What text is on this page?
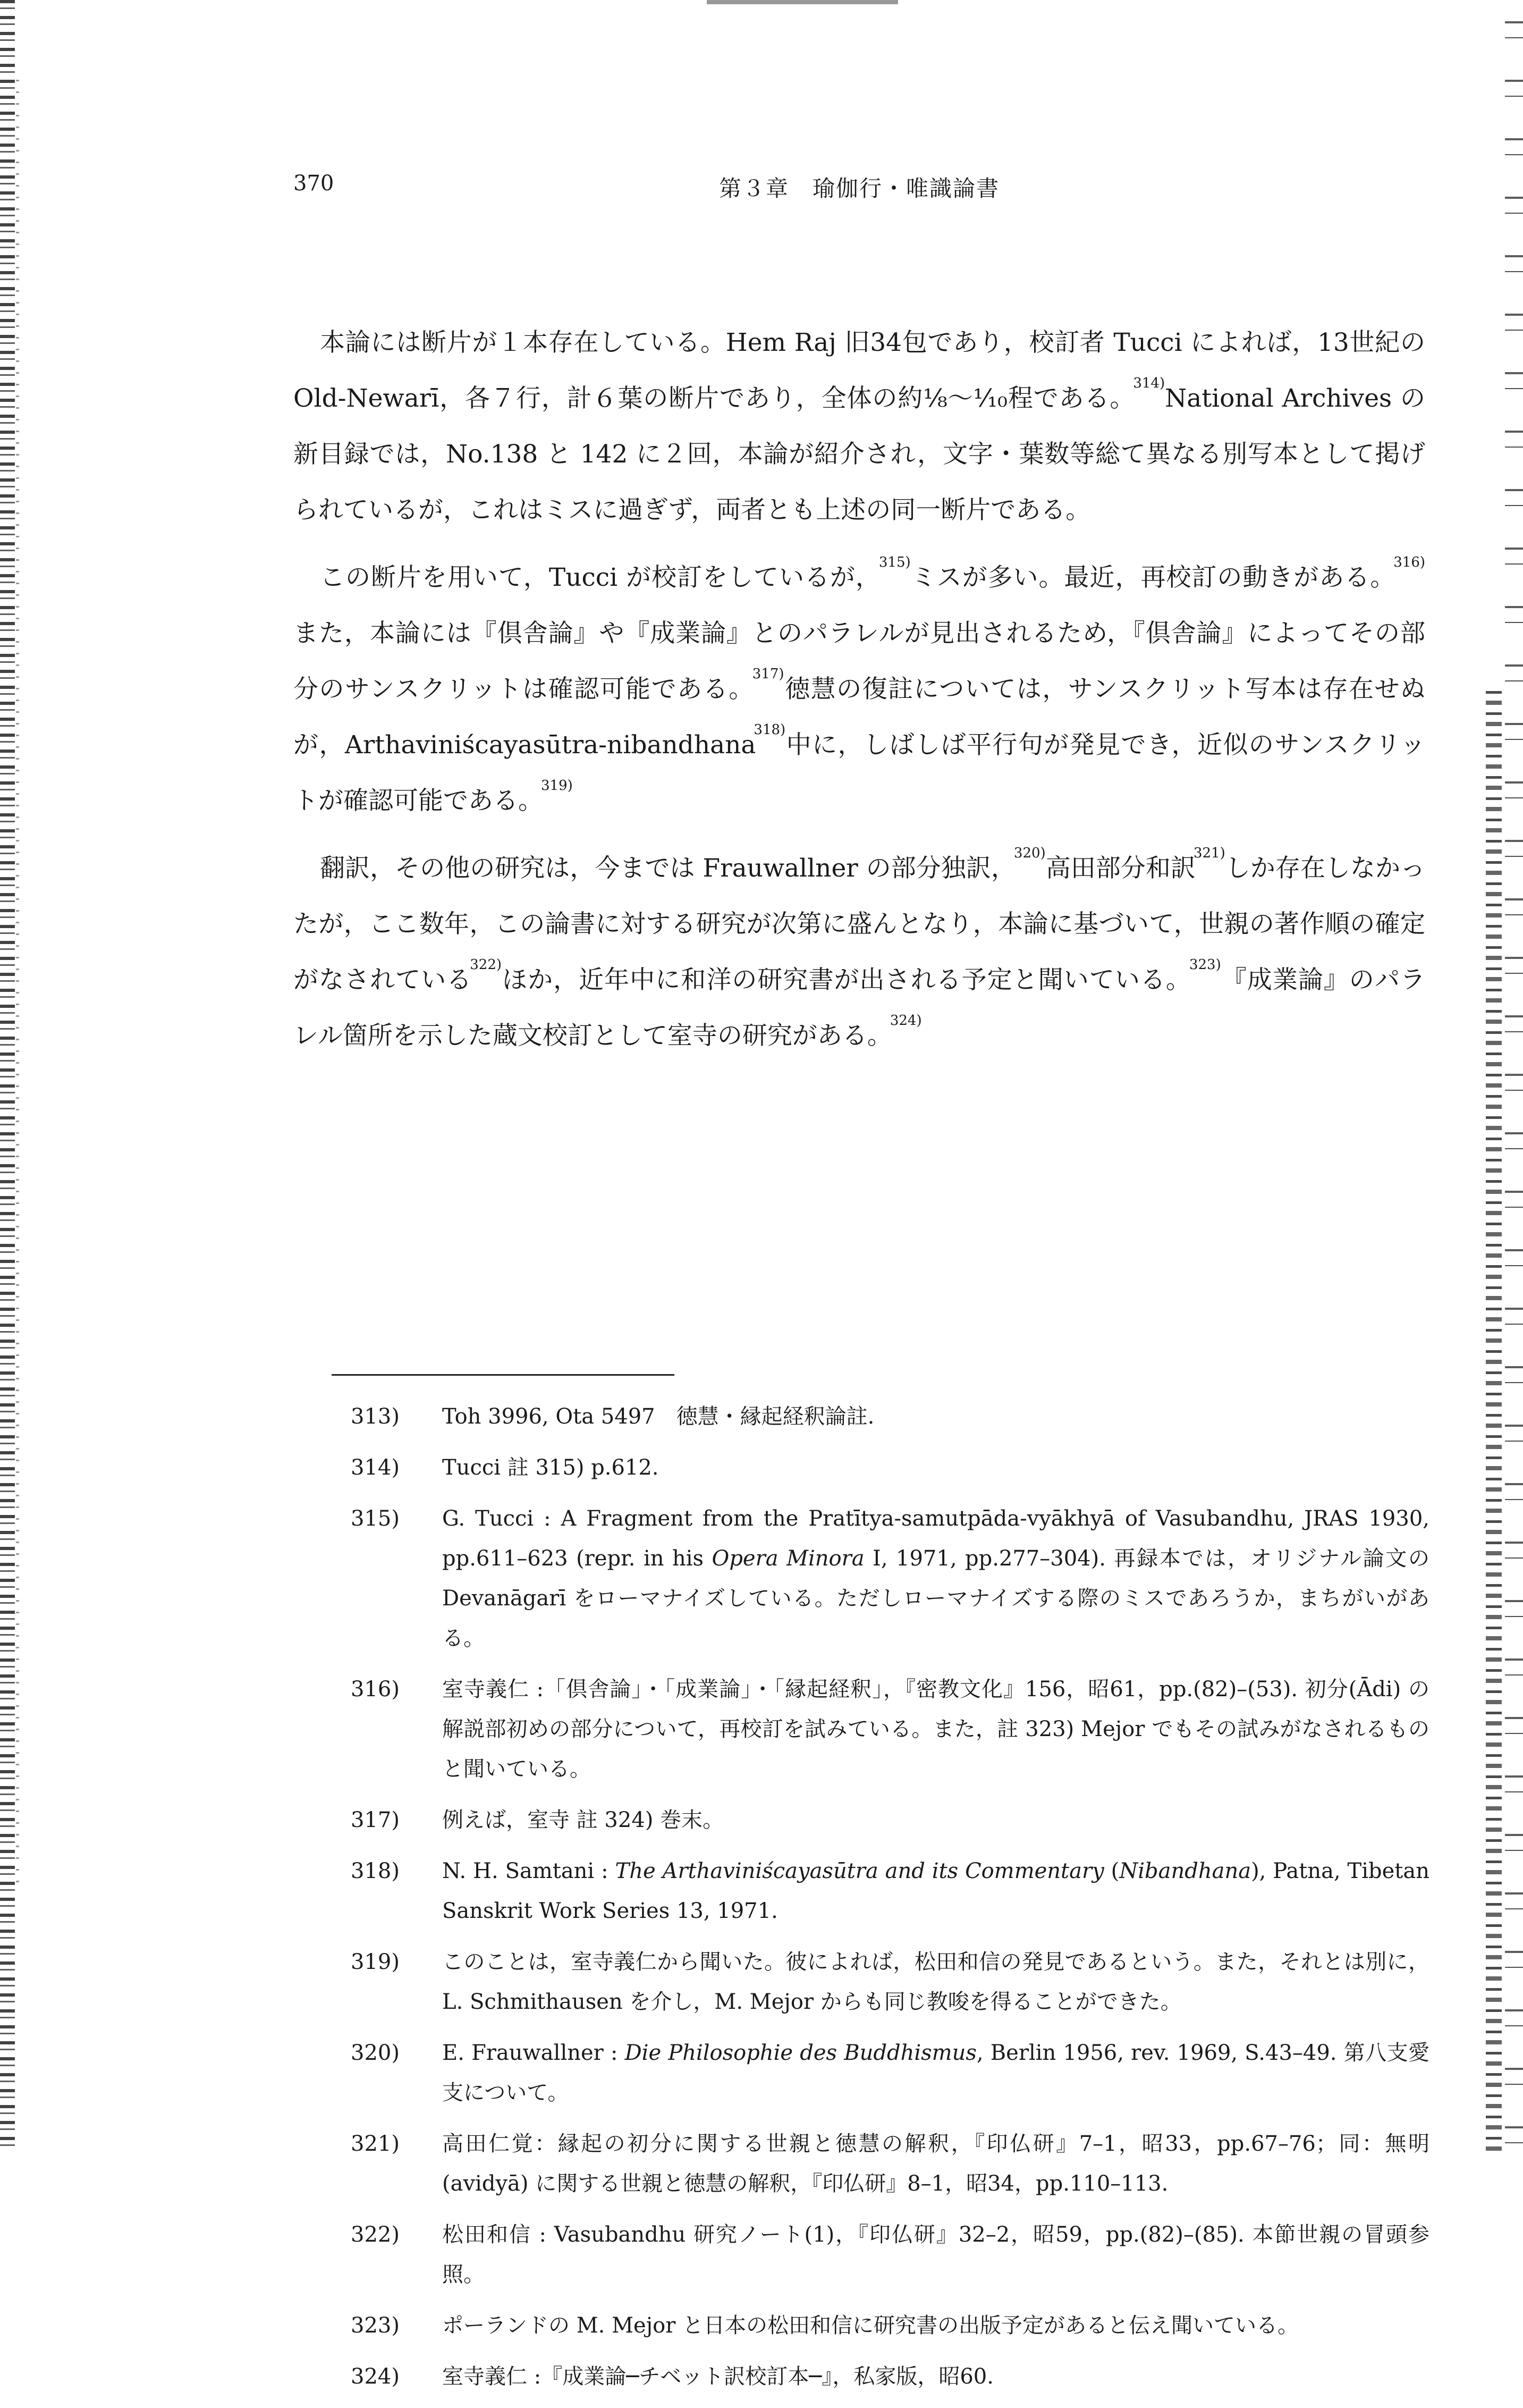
370	第３章　瑜伽行・唯識論書

本論には断片が１本存在している。Hem Raj 旧34包であり，校訂者 Tucci によれば，13世紀の Old-Newarī，各７行，計６葉の断片であり，全体の約⅛～⅒程である。$^{314)}$National Archives の新目録では，No.138 と 142 に２回，本論が紹介され，文字・葉数等総て異なる別写本として掲げられているが，これはミスに過ぎず，両者とも上述の同一断片である。

この断片を用いて，Tucci が校訂をしているが，$^{315)}$ミスが多い。最近，再校訂の動きがある。$^{316)}$また，本論には『倶舎論』や『成業論』とのパラレルが見出されるため，『倶舎論』によってその部分のサンスクリットは確認可能である。$^{317)}$徳慧の復註については，サンスクリット写本は存在せぬが，Arthaviniścayasūtra-nibandhana$^{318)}$中に，しばしば平行句が発見でき，近似のサンスクリットが確認可能である。$^{319)}$

翻訳，その他の研究は，今までは Frauwallner の部分独訳，$^{320)}$高田部分和訳$^{321)}$しか存在しなかったが，ここ数年，この論書に対する研究が次第に盛んとなり，本論に基づいて，世親の著作順の確定がなされている$^{322)}$ほか，近年中に和洋の研究書が出される予定と聞いている。$^{323)}$『成業論』のパラレル箇所を示した蔵文校訂として室寺の研究がある。$^{324)}$

313) Toh 3996, Ota 5497　徳慧・縁起経釈論註.
314) Tucci 註 315) p.612.
315) G. Tucci : A Fragment from the Pratītya-samutpāda-vyākhyā of Vasubandhu, JRAS 1930, pp.611–623 (repr. in his Opera Minora I, 1971, pp.277–304). 再録本では，オリジナル論文の Devanāgarī をローマナイズしている。ただしローマナイズする際のミスであろうか，まちがいがある。
316) 室寺義仁 :「倶舎論」・「成業論」・「縁起経釈」，『密教文化』156，昭61，pp.(82)–(53). 初分(Ādi) の解説部初めの部分について，再校訂を試みている。また，註 323) Mejor でもその試みがなされるものと聞いている。
317) 例えば，室寺 註 324) 巻末。
318) N. H. Samtani : The Arthaviniścayasūtra and its Commentary (Nibandhana), Patna, Tibetan Sanskrit Work Series 13, 1971.
319) このことは，室寺義仁から聞いた。彼によれば，松田和信の発見であるという。また，それとは別に，L. Schmithausen を介し，M. Mejor からも同じ教唆を得ることができた。
320) E. Frauwallner : Die Philosophie des Buddhismus, Berlin 1956, rev. 1969, S.43–49. 第八支愛支について。
321) 高田仁覚：縁起の初分に関する世親と徳慧の解釈，『印仏研』7–1，昭33，pp.67–76；同：無明 (avidyā) に関する世親と徳慧の解釈，『印仏研』8–1，昭34，pp.110–113.
322) 松田和信 : Vasubandhu 研究ノート(1)，『印仏研』32–2，昭59，pp.(82)–(85). 本節世親の冒頭参照。
323) ポーランドの M. Mejor と日本の松田和信に研究書の出版予定があると伝え聞いている。
324) 室寺義仁 :『成業論─チベット訳校訂本─』，私家版，昭60.
